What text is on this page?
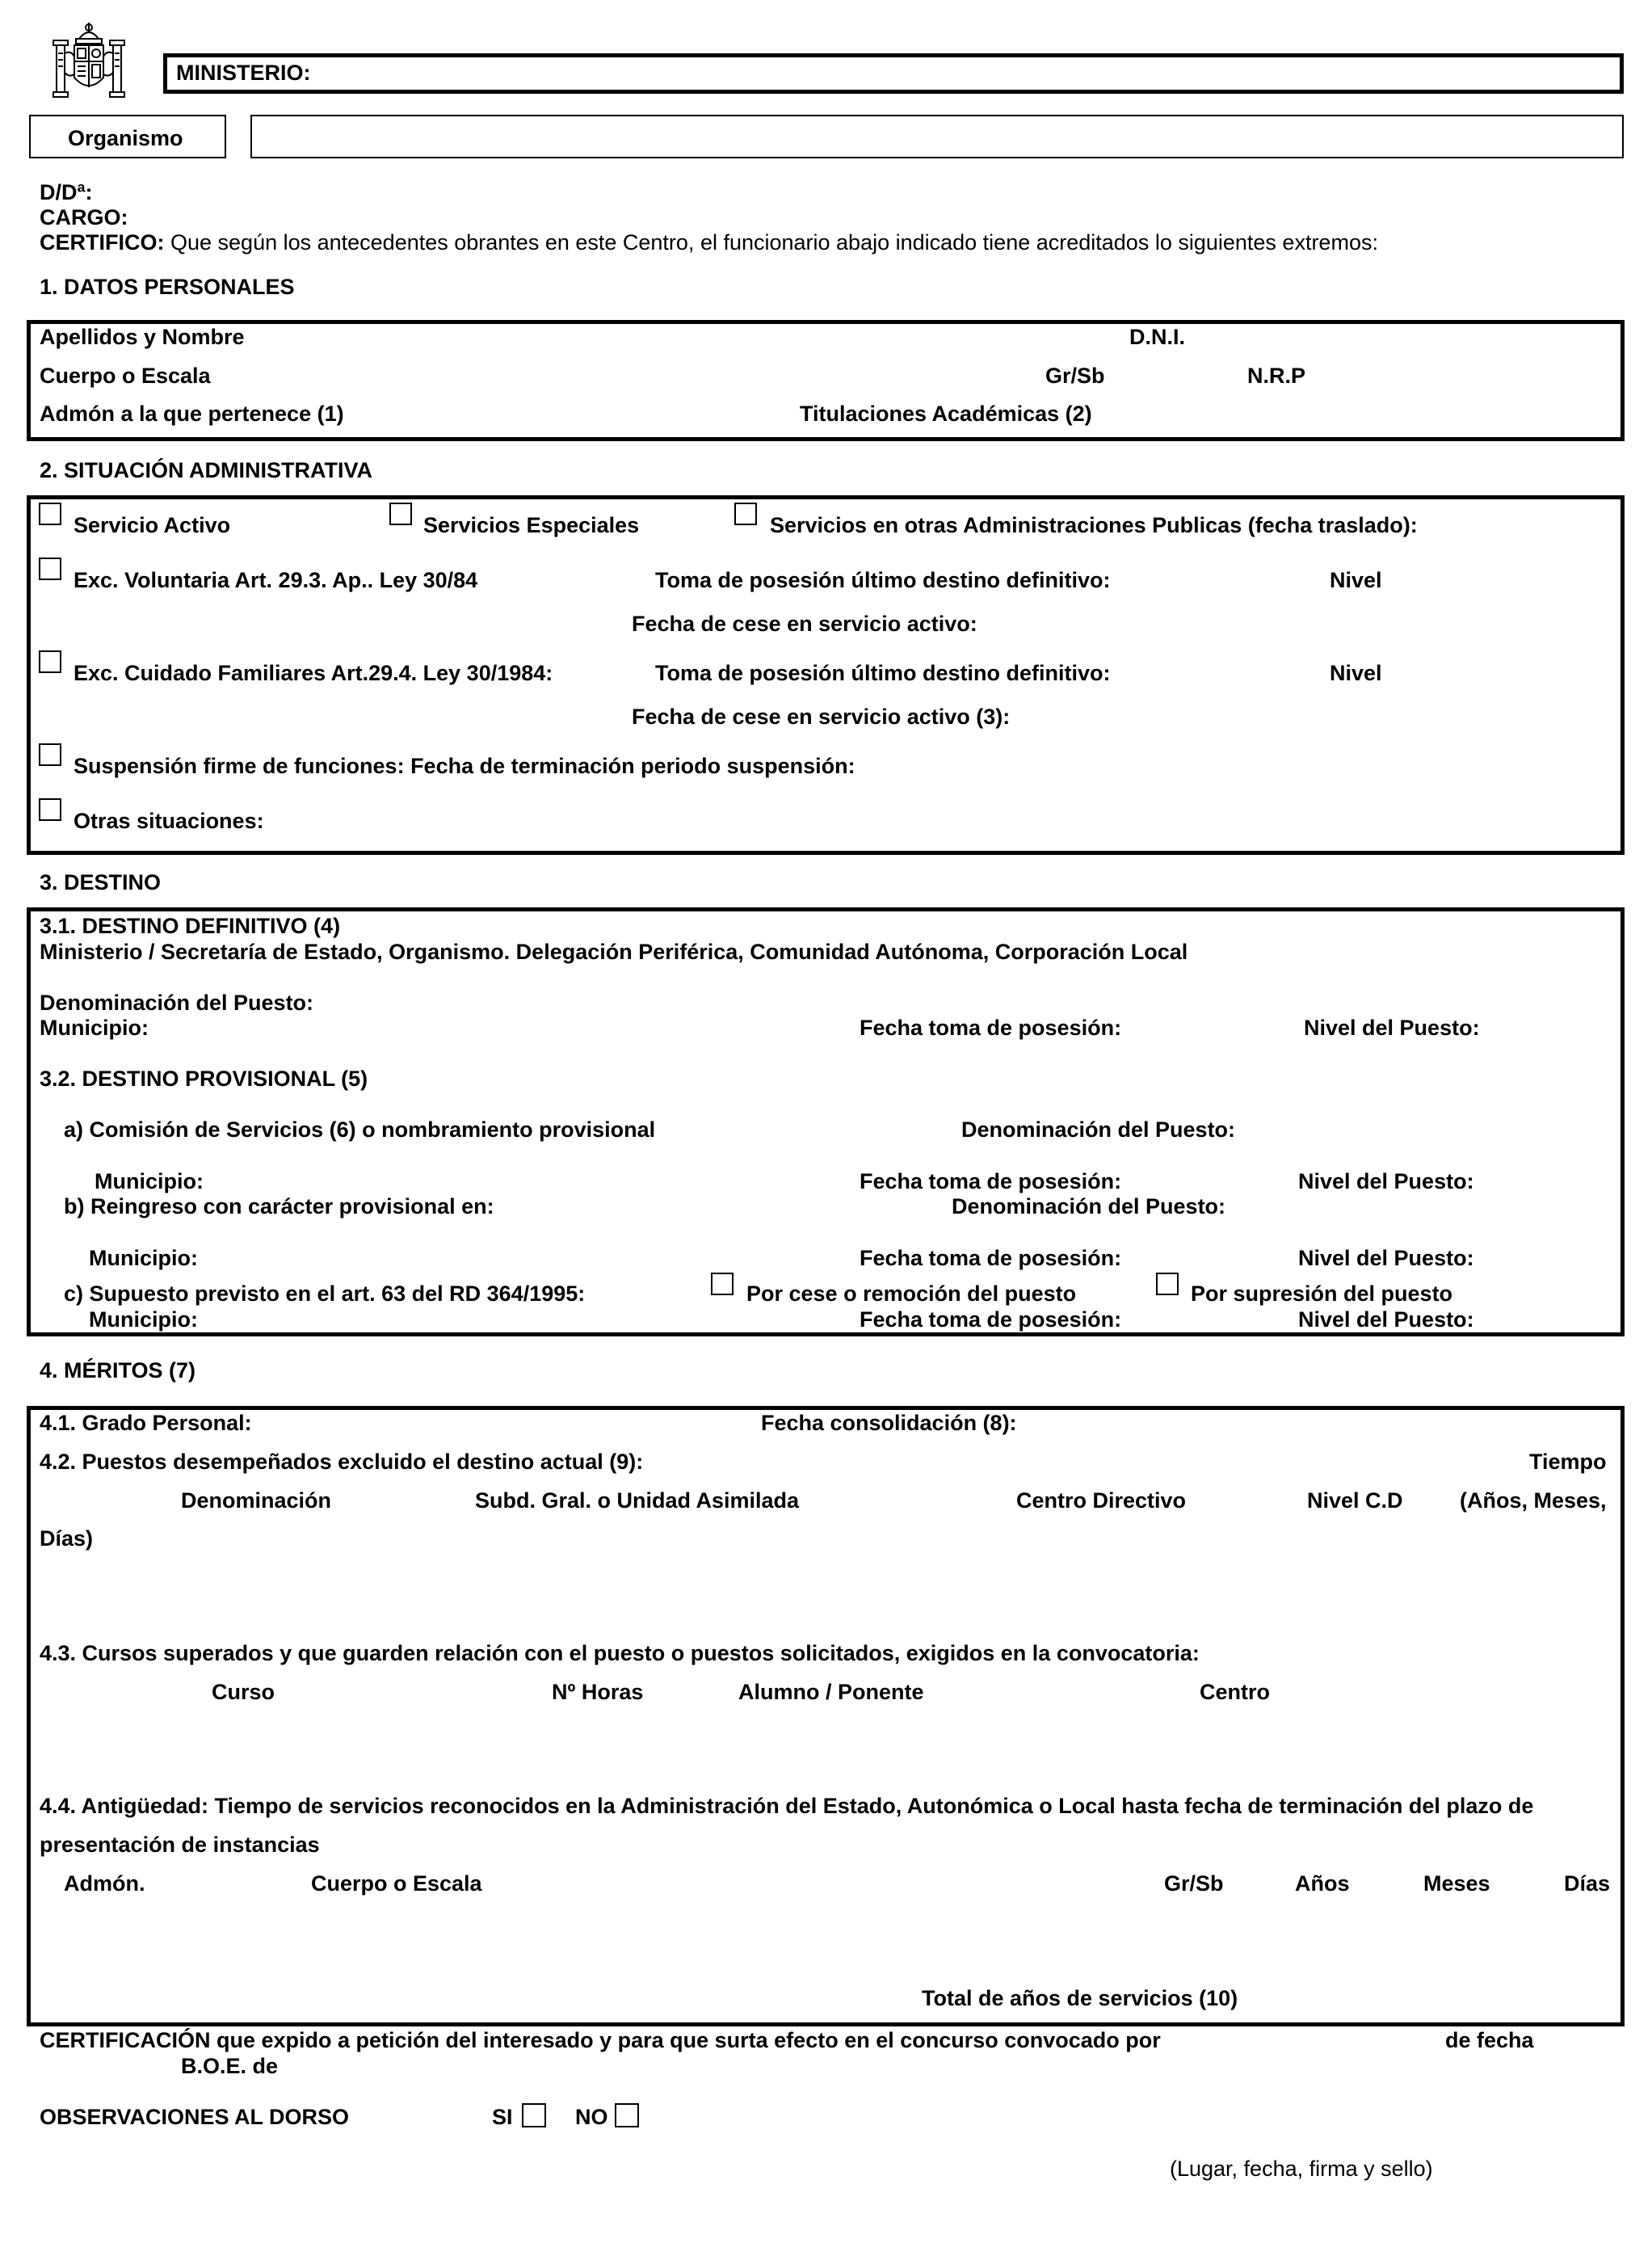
MINISTERIO:
Organismo
D/Dª:
CARGO:
CERTIFICO: Que según los antecedentes obrantes en este Centro, el funcionario abajo indicado tiene acreditados lo siguientes extremos:
1. DATOS PERSONALES
Apellidos y Nombre	D.N.I.
Cuerpo o Escala	Gr/Sb	N.R.P
Admón a la que pertenece (1)	Titulaciones Académicas (2)
2. SITUACIÓN ADMINISTRATIVA
Servicio Activo	Servicios Especiales	Servicios en otras Administraciones Publicas (fecha traslado):
Exc. Voluntaria Art. 29.3. Ap.. Ley 30/84	Toma de posesión último destino definitivo:	Nivel
Fecha de cese en servicio activo:
Exc. Cuidado Familiares Art.29.4. Ley 30/1984:	Toma de posesión último destino definitivo:	Nivel
Fecha de cese en servicio activo (3):
Suspensión firme de funciones: Fecha de terminación periodo suspensión:
Otras situaciones:
3. DESTINO
3.1. DESTINO DEFINITIVO (4)
Ministerio / Secretaría de Estado, Organismo. Delegación Periférica, Comunidad Autónoma, Corporación Local
Denominación del Puesto:
Municipio:	Fecha toma de posesión:	Nivel del Puesto:
3.2. DESTINO PROVISIONAL (5)
a) Comisión de Servicios (6) o nombramiento provisional	Denominación del Puesto:
Municipio:	Fecha toma de posesión:	Nivel del Puesto:
b) Reingreso con carácter provisional en:	Denominación del Puesto:
Municipio:	Fecha toma de posesión:	Nivel del Puesto:
c) Supuesto previsto en el art. 63 del RD 364/1995:	Por cese o remoción del puesto	Por supresión del puesto
Municipio:	Fecha toma de posesión:	Nivel del Puesto:
4. MÉRITOS (7)
4.1. Grado Personal:	Fecha consolidación (8):
4.2. Puestos desempeñados excluido el destino actual (9):	Tiempo
Denominación	Subd. Gral. o Unidad Asimilada	Centro Directivo	Nivel C.D	(Años, Meses,
Días)
4.3. Cursos superados y que guarden relación con el puesto o puestos solicitados, exigidos en la convocatoria:
Curso	Nº Horas	Alumno / Ponente	Centro
4.4. Antigüedad: Tiempo de servicios reconocidos en la Administración del Estado, Autonómica o Local hasta fecha de terminación del plazo de
presentación de instancias
Admón.	Cuerpo o Escala	Gr/Sb	Años	Meses	Días
Total de años de servicios (10)
CERTIFICACIÓN que expido a petición del interesado y para que surta efecto en el concurso convocado por	de fecha
B.O.E. de
OBSERVACIONES AL DORSO	SI	NO
(Lugar, fecha, firma y sello)
